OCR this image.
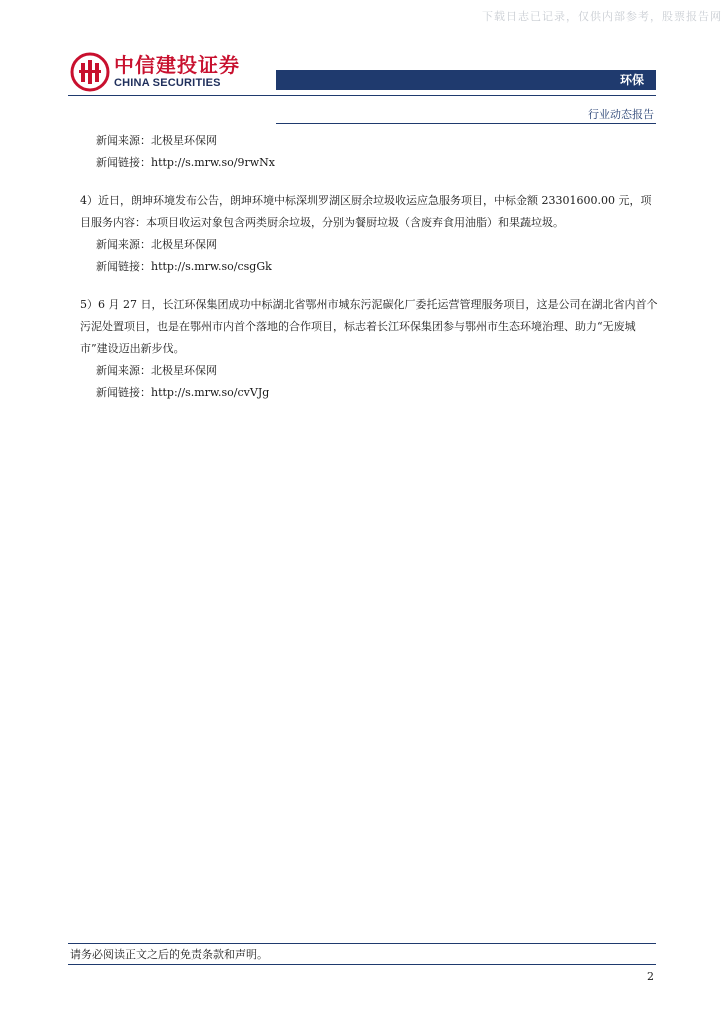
下载日志已记录，仅供内部参考，股票报告网
中信建投证券
CHINA SECURITIES	环保
行业动态报告

新闻来源：北极星环保网

新闻链接：http://s.mrw.so/9rwNx

4）近日，朗坤环境发布公告，朗坤环境中标深圳罗湖区厨余垃圾收运应急服务项目，中标金额 23301600.00 元，项目服务内容：本项目收运对象包含两类厨余垃圾，分别为餐厨垃圾（含废弃食用油脂）和果蔬垃圾。

新闻来源：北极星环保网

新闻链接：http://s.mrw.so/csgGk

5）6 月 27 日，长江环保集团成功中标湖北省鄂州市城东污泥碳化厂委托运营管理服务项目，这是公司在湖北省内首个污泥处置项目，也是在鄂州市内首个落地的合作项目，标志着长江环保集团参与鄂州市生态环境治理、助力“无废城市”建设迈出新步伐。

新闻来源：北极星环保网

新闻链接：http://s.mrw.so/cvVJg

请务必阅读正文之后的免责条款和声明。
2
